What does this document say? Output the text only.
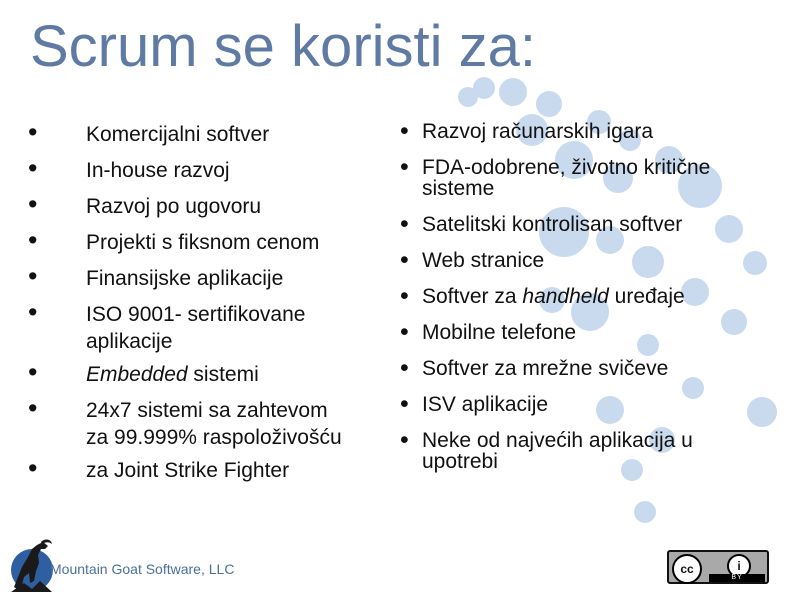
Scrum se koristi za:
• Komercijalni softver
• In-house razvoj
• Razvoj po ugovoru
• Projekti s fiksnom cenom
• Finansijske aplikacije
• ISO 9001- sertifikovane
aplikacije
• Embedded sistemi
• 24x7 sistemi sa zahtevom
za 99.999% raspoloživošću
• za Joint Strike Fighter
• Razvoj računarskih igara
• FDA-odobrene, životno kritične
sisteme
• Satelitski kontrolisan softver
• Web stranice
• Softver za handheld uređaje
• Mobilne telefone
• Softver za mrežne svičeve
• ISV aplikacije
• Neke od najvećih aplikacija u
upotrebi
Mountain Goat Software, LLC	cc	i
BY
